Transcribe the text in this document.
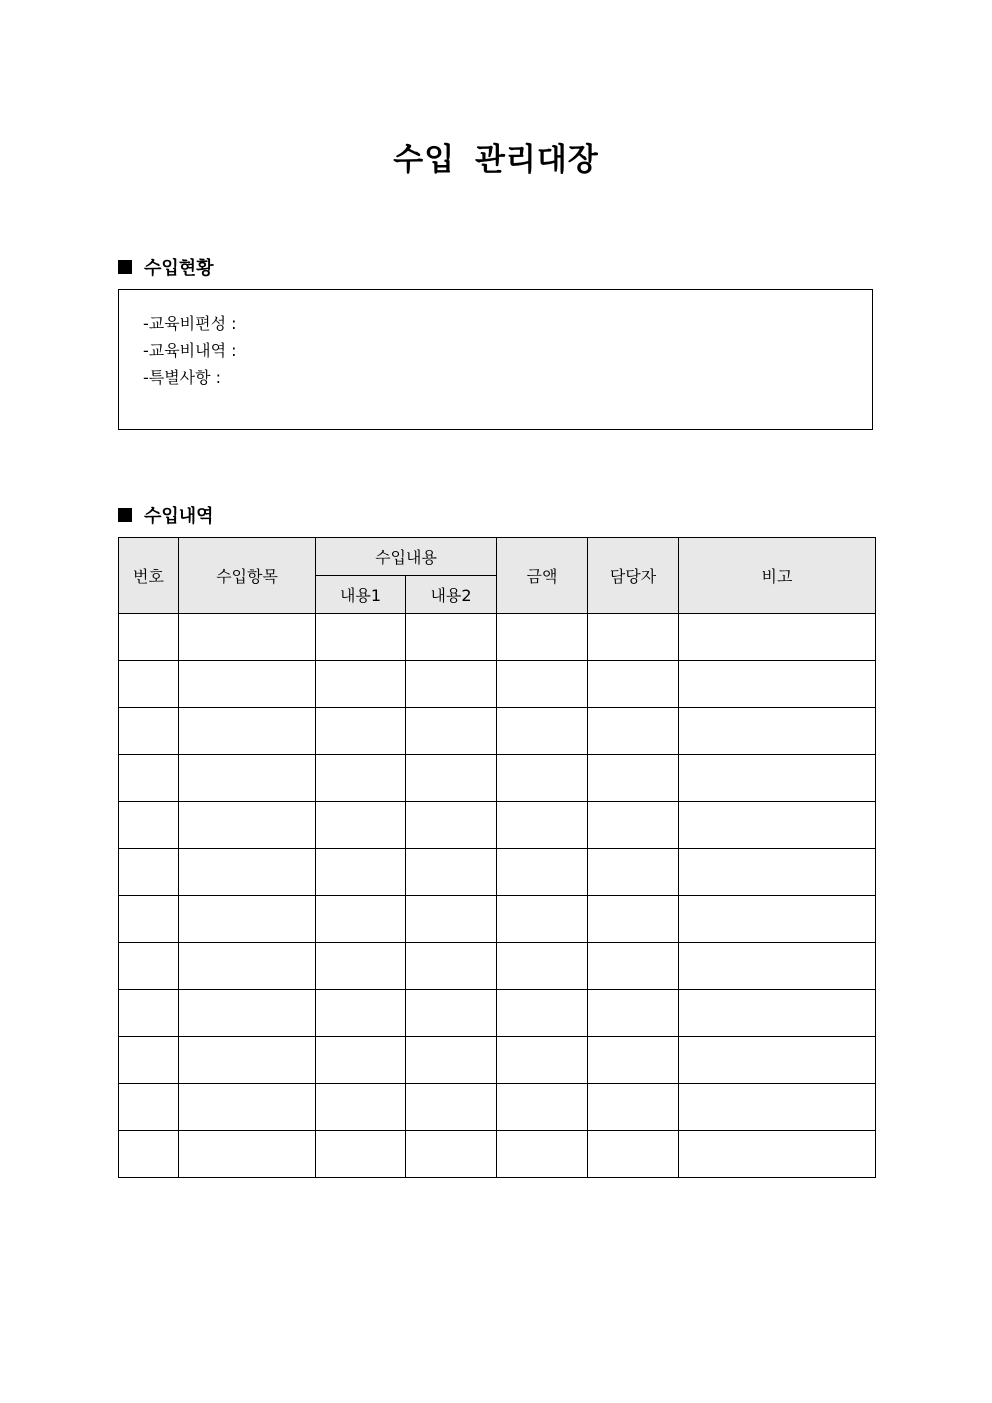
수입 관리대장
수입현황
-교육비편성 :
-교육비내역 :
-특별사항 :
수입내역
번호	수입항목	수입내용		금액	담당자	비고
		내용1	내용2			
